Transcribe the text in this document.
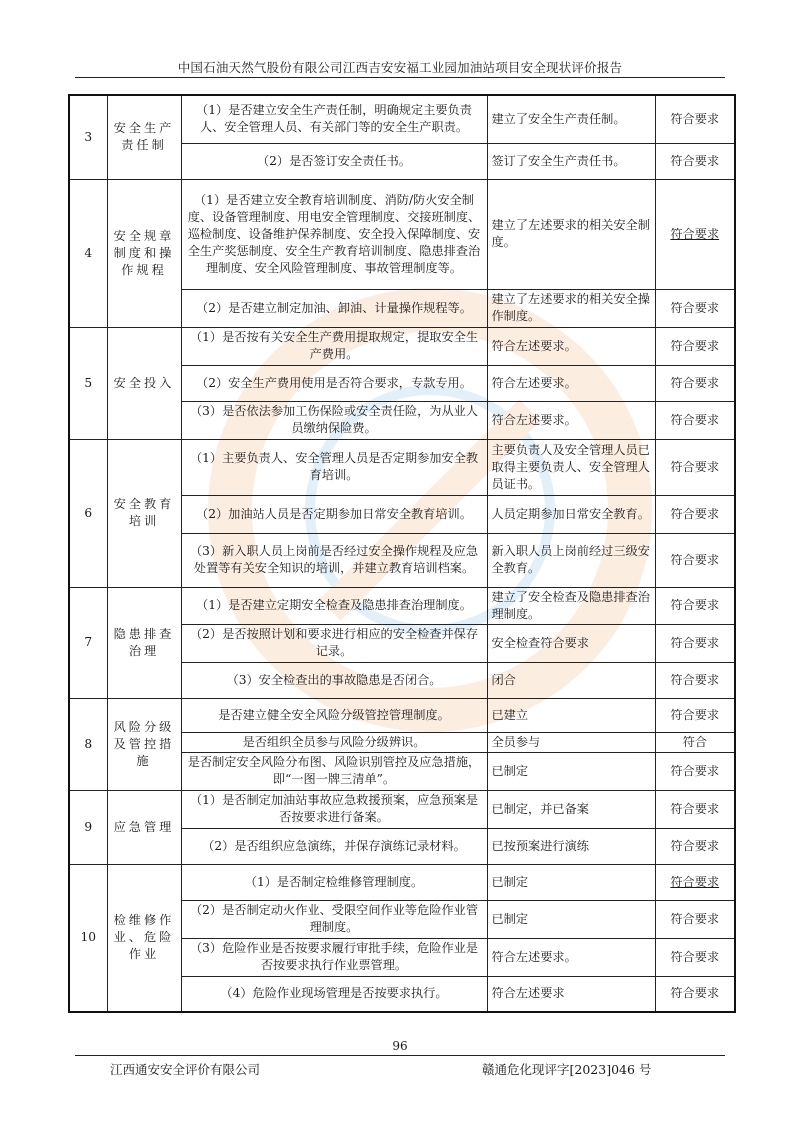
中国石油天然气股份有限公司江西吉安安福工业园加油站项目安全现状评价报告
3	安全生产责任制	（1）是否建立安全生产责任制，明确规定主要负责人、安全管理人员、有关部门等的安全生产职责。	建立了安全生产责任制。	符合要求
		（2）是否签订安全责任书。	签订了安全生产责任书。	符合要求
4	安全规章制度和操作规程	（1）是否建立安全教育培训制度、消防/防火安全制度、设备管理制度、用电安全管理制度、交接班制度、巡检制度、设备维护保养制度、安全投入保障制度、安全生产奖惩制度、安全生产教育培训制度、隐患排查治理制度、安全风险管理制度、事故管理制度等。	建立了左述要求的相关安全制度。	符合要求
		（2）是否建立制定加油、卸油、计量操作规程等。	建立了左述要求的相关安全操作制度。	符合要求
5	安全投入	（1）是否按有关安全生产费用提取规定，提取安全生产费用。	符合左述要求。	符合要求
		（2）安全生产费用使用是否符合要求，专款专用。	符合左述要求。	符合要求
		（3）是否依法参加工伤保险或安全责任险，为从业人员缴纳保险费。	符合左述要求。	符合要求
6	安全教育培训	（1）主要负责人、安全管理人员是否定期参加安全教育培训。	主要负责人及安全管理人员已取得主要负责人、安全管理人员证书。	符合要求
		（2）加油站人员是否定期参加日常安全教育培训。	人员定期参加日常安全教育。	符合要求
		（3）新入职人员上岗前是否经过安全操作规程及应急处置等有关安全知识的培训，并建立教育培训档案。	新入职人员上岗前经过三级安全教育。	符合要求
7	隐患排查治理	（1）是否建立定期安全检查及隐患排查治理制度。	建立了安全检查及隐患排查治理制度。	符合要求
		（2）是否按照计划和要求进行相应的安全检查并保存记录。	安全检查符合要求	符合要求
		（3）安全检查出的事故隐患是否闭合。	闭合	符合要求
8	风险分级及管控措施	是否建立健全安全风险分级管控管理制度。	已建立	符合要求
		是否组织全员参与风险分级辨识。	全员参与	符合
		是否制定安全风险分布图、风险识别管控及应急措施，即“一图一牌三清单”。	已制定	符合要求
9	应急管理	（1）是否制定加油站事故应急救援预案，应急预案是否按要求进行备案。	已制定，并已备案	符合要求
		（2）是否组织应急演练，并保存演练记录材料。	已按预案进行演练	符合要求
10	检维修作业、危险作业	（1）是否制定检维修管理制度。	已制定	符合要求
		（2）是否制定动火作业、受限空间作业等危险作业管理制度。	已制定	符合要求
		（3）危险作业是否按要求履行审批手续，危险作业是否按要求执行作业票管理。	符合左述要求。	符合要求
		（4）危险作业现场管理是否按要求执行。	符合左述要求	符合要求
96
江西通安安全评价有限公司	赣通危化现评字[2023]046 号
